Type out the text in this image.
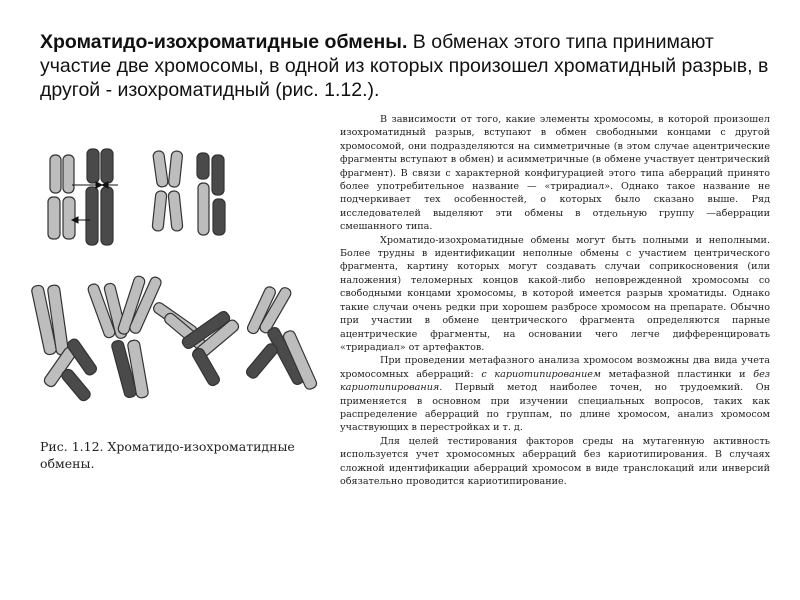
Хроматидо-изохроматидные обмены. В обменах этого типа принимают участие две хромосомы, в одной из которых произошел хроматидный разрыв, в другой - изохроматидный (рис. 1.12.).
Рис. 1.12. Хроматидо-изохроматидные обмены.

В зависимости от того, какие элементы хромосомы, в которой произошел изохроматидный разрыв, вступают в обмен свободными концами с другой хромосомой, они подразделяются на симметричные (в этом случае ацентрические фрагменты вступают в обмен) и асимметричные (в обмене участвует центрический фрагмент). В связи с характерной конфигурацией этого типа аберраций принято более употребительное название — «трирадиал». Однако такое название не подчеркивает тех особенностей, о которых было сказано выше. Ряд исследователей выделяют эти обмены в отдельную группу —аберрации смешанного типа.

Хроматидо-изохроматидные обмены могут быть полными и неполными. Более трудны в идентификации неполные обмены с участием центрического фрагмента, картину которых могут создавать случаи соприкосновения (или наложения) теломерных концов какой-либо неповрежденной хромосомы со свободными концами хромосомы, в которой имеется разрыв хроматиды. Однако такие случаи очень редки при хорошем разбросе хромосом на препарате. Обычно при участии в обмене центрического фрагмента определяются парные ацентрические фрагменты, на основании чего легче дифференцировать «трирадиал» от артефактов.

При проведении метафазного анализа хромосом возможны два вида учета хромосомных аберраций: с кариотипированием метафазной пластинки и без кариотипирования. Первый метод наиболее точен, но трудоемкий. Он применяется в основном при изучении специальных вопросов, таких как распределение аберраций по группам, по длине хромосом, анализ хромосом участвующих в перестройках и т. д.

Для целей тестирования факторов среды на мутагенную активность используется учет хромосомных аберраций без кариотипирования. В случаях сложной идентификации аберраций хромосом в виде транслокаций или инверсий обязательно проводится кариотипирование.
